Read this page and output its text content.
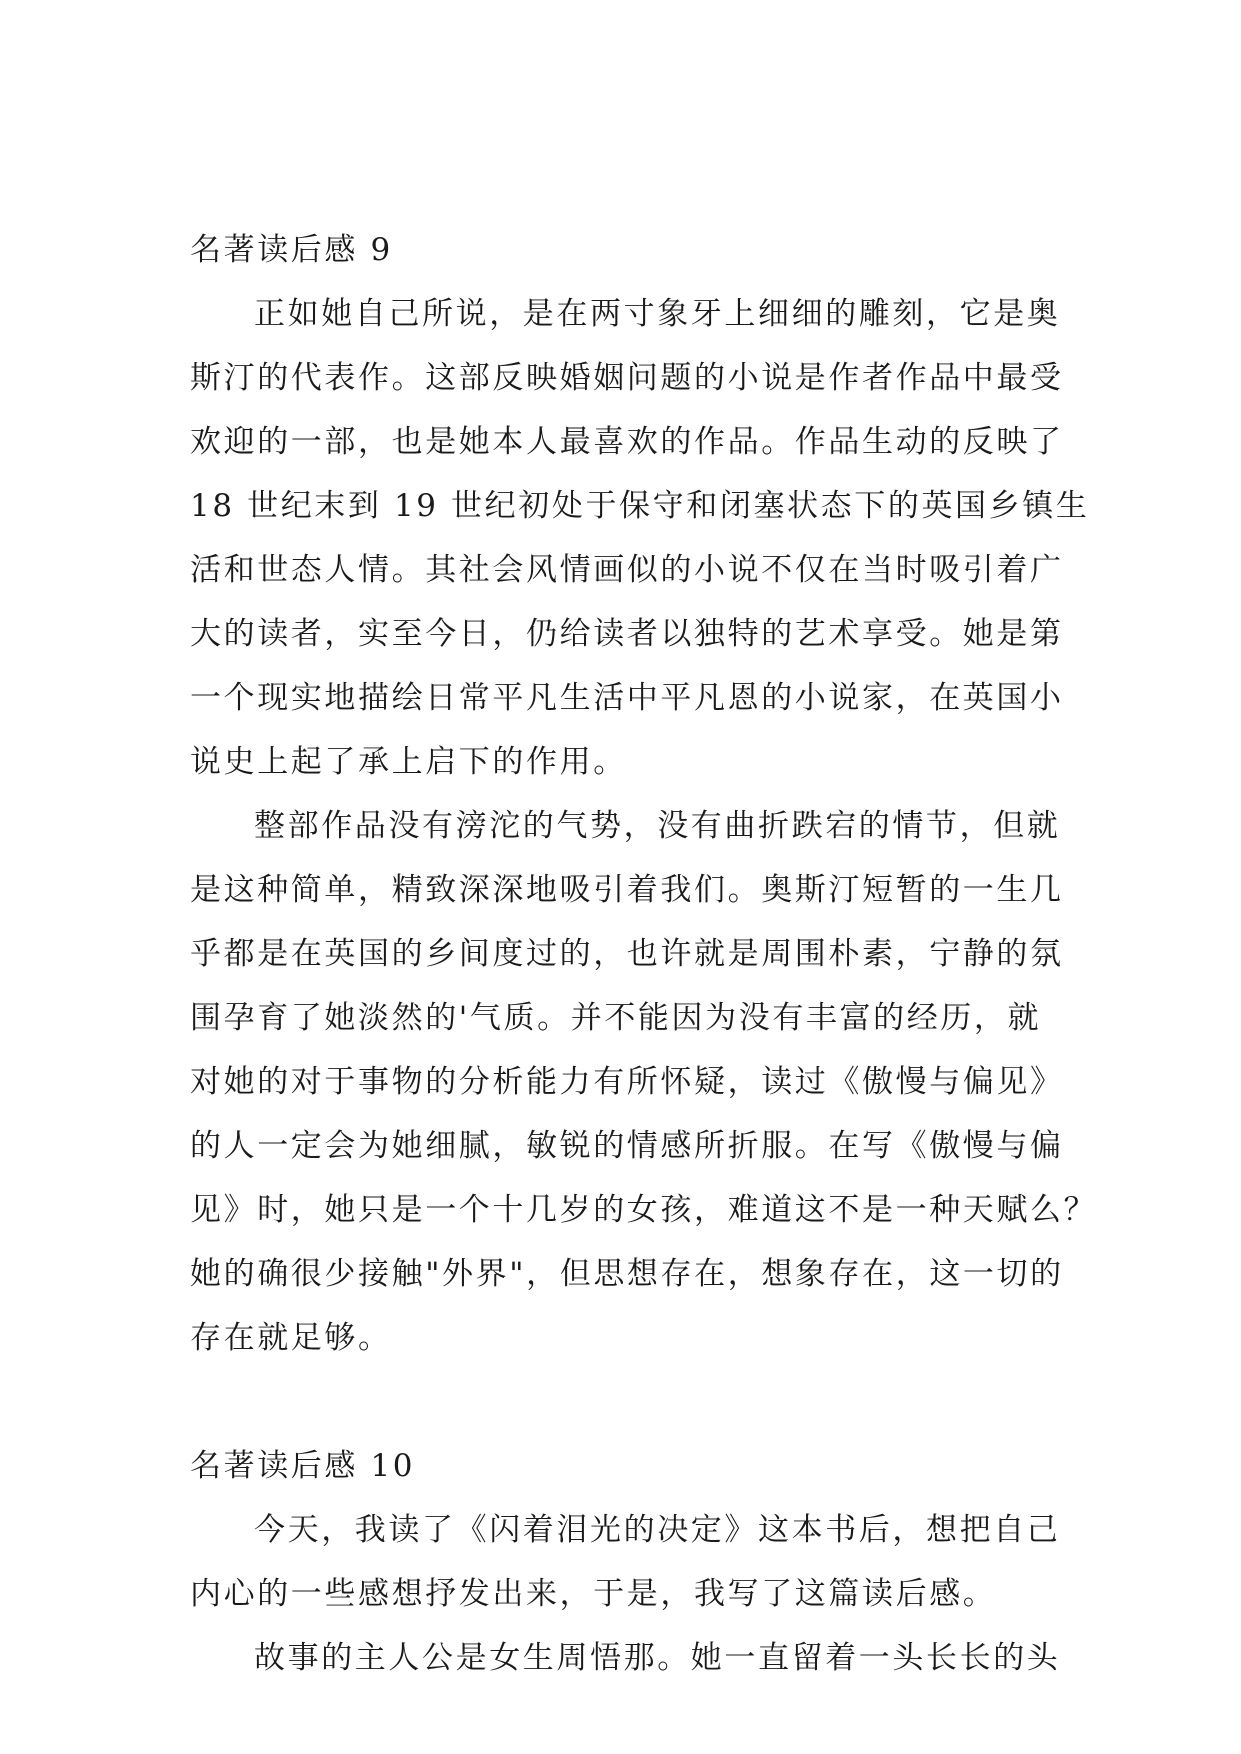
名著读后感 9
正如她自己所说，是在两寸象牙上细细的雕刻，它是奥
斯汀的代表作。这部反映婚姻问题的小说是作者作品中最受
欢迎的一部，也是她本人最喜欢的作品。作品生动的反映了
18 世纪末到 19 世纪初处于保守和闭塞状态下的英国乡镇生
活和世态人情。其社会风情画似的小说不仅在当时吸引着广
大的读者，实至今日，仍给读者以独特的艺术享受。她是第
一个现实地描绘日常平凡生活中平凡恩的小说家，在英国小
说史上起了承上启下的作用。
整部作品没有滂沱的气势，没有曲折跌宕的情节，但就
是这种简单，精致深深地吸引着我们。奥斯汀短暂的一生几
乎都是在英国的乡间度过的，也许就是周围朴素，宁静的氛
围孕育了她淡然的'气质。并不能因为没有丰富的经历，就
对她的对于事物的分析能力有所怀疑，读过《傲慢与偏见》
的人一定会为她细腻，敏锐的情感所折服。在写《傲慢与偏
见》时，她只是一个十几岁的女孩，难道这不是一种天赋么？
她的确很少接触"外界"，但思想存在，想象存在，这一切的
存在就足够。
名著读后感 10
今天，我读了《闪着泪光的决定》这本书后，想把自己
内心的一些感想抒发出来，于是，我写了这篇读后感。
故事的主人公是女生周悟那。她一直留着一头长长的头
